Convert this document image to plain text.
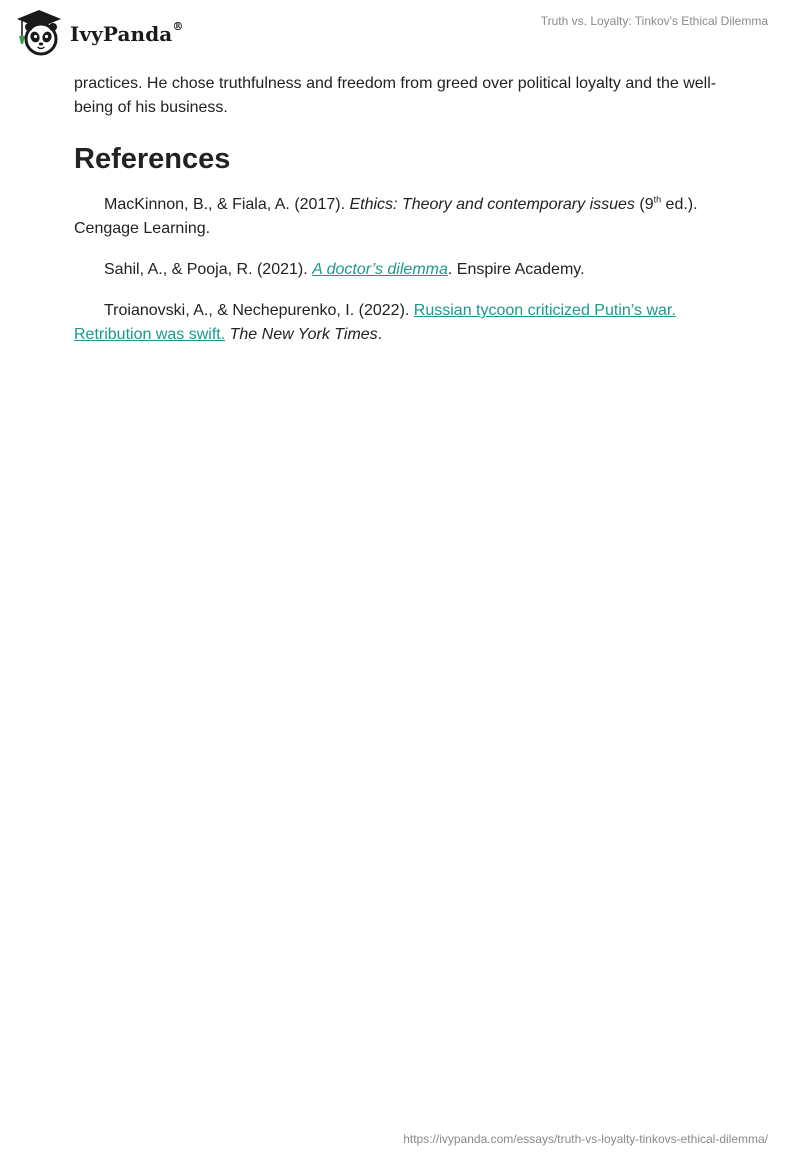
IvyPanda®	Truth vs. Loyalty: Tinkov's Ethical Dilemma

practices. He chose truthfulness and freedom from greed over political loyalty and the well-being of his business.

References

MacKinnon, B., & Fiala, A. (2017). Ethics: Theory and contemporary issues (9th ed.). Cengage Learning.

Sahil, A., & Pooja, R. (2021). A doctor’s dilemma. Enspire Academy.

Troianovski, A., & Nechepurenko, I. (2022). Russian tycoon criticized Putin’s war. Retribution was swift. The New York Times.

https://ivypanda.com/essays/truth-vs-loyalty-tinkovs-ethical-dilemma/
